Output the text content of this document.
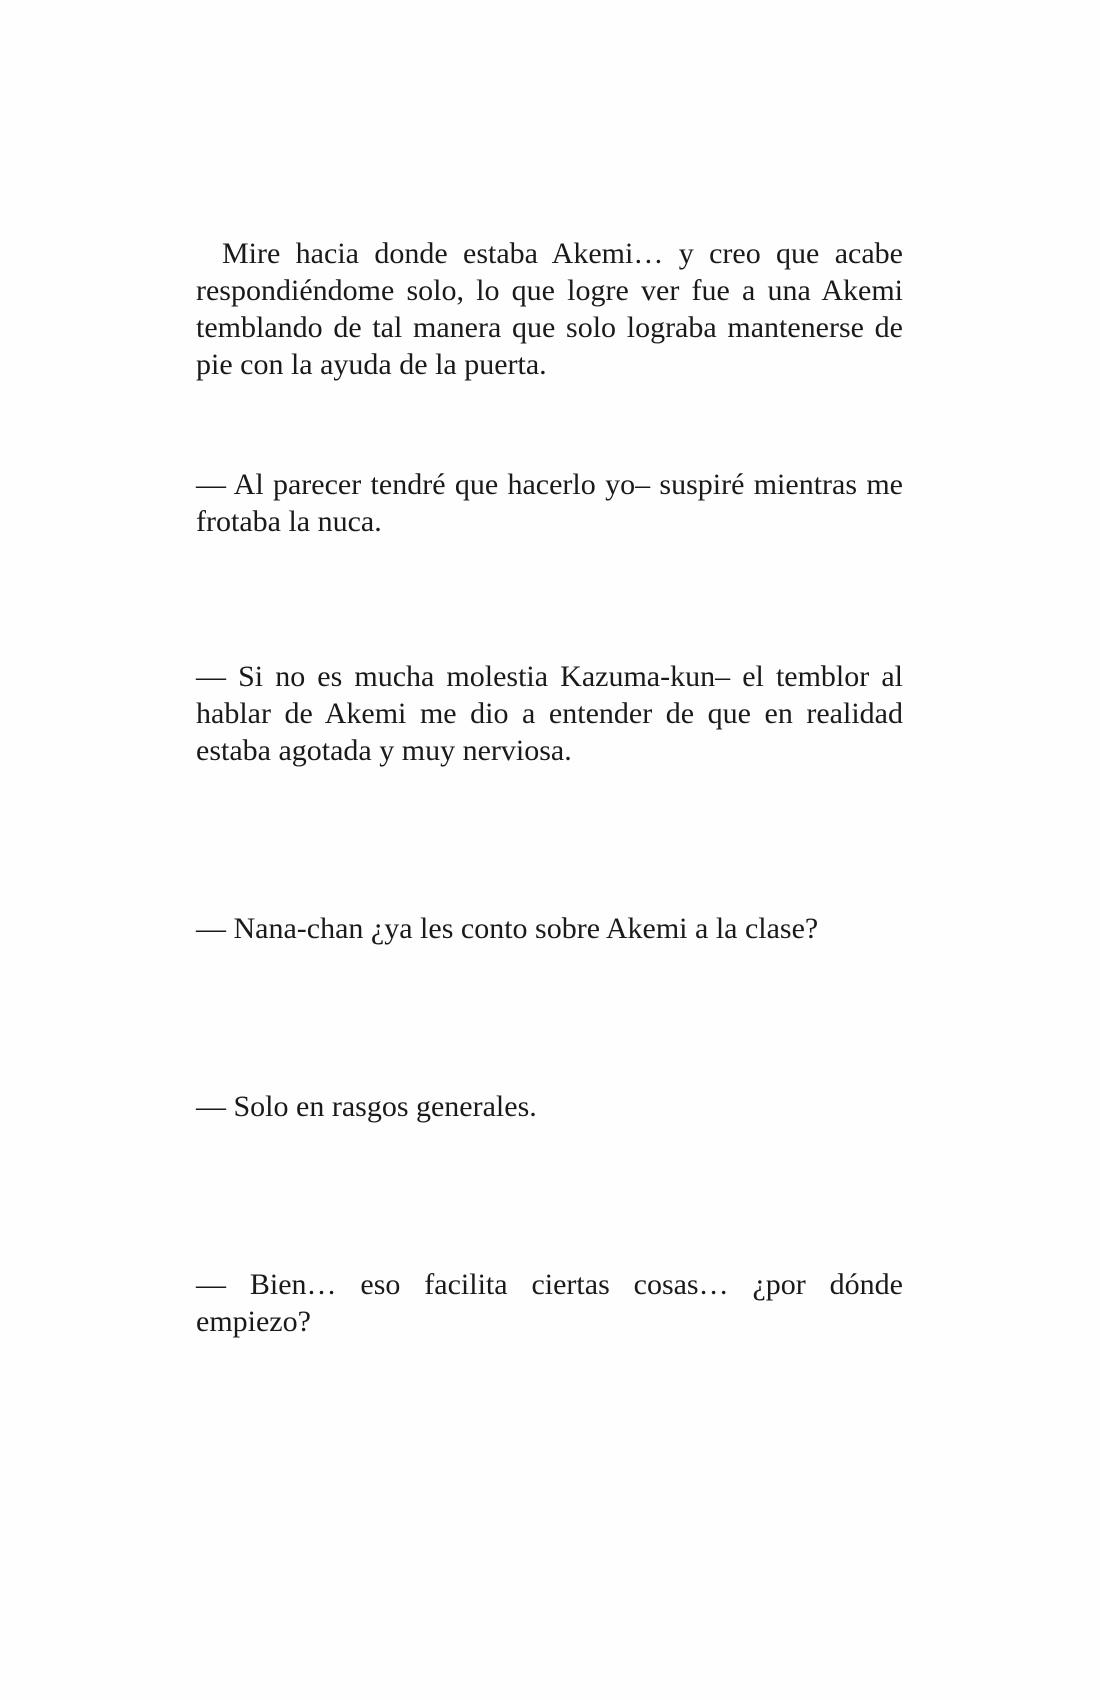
Mire hacia donde estaba Akemi… y creo que acabe respondiéndome solo, lo que logre ver fue a una Akemi temblando de tal manera que solo lograba mantenerse de pie con la ayuda de la puerta.

— Al parecer tendré que hacerlo yo– suspiré mientras me frotaba la nuca.

— Si no es mucha molestia Kazuma-kun– el temblor al hablar de Akemi me dio a entender de que en realidad estaba agotada y muy nerviosa.

— Nana-chan ¿ya les conto sobre Akemi a la clase?

— Solo en rasgos generales.

— Bien… eso facilita ciertas cosas… ¿por dónde empiezo?
